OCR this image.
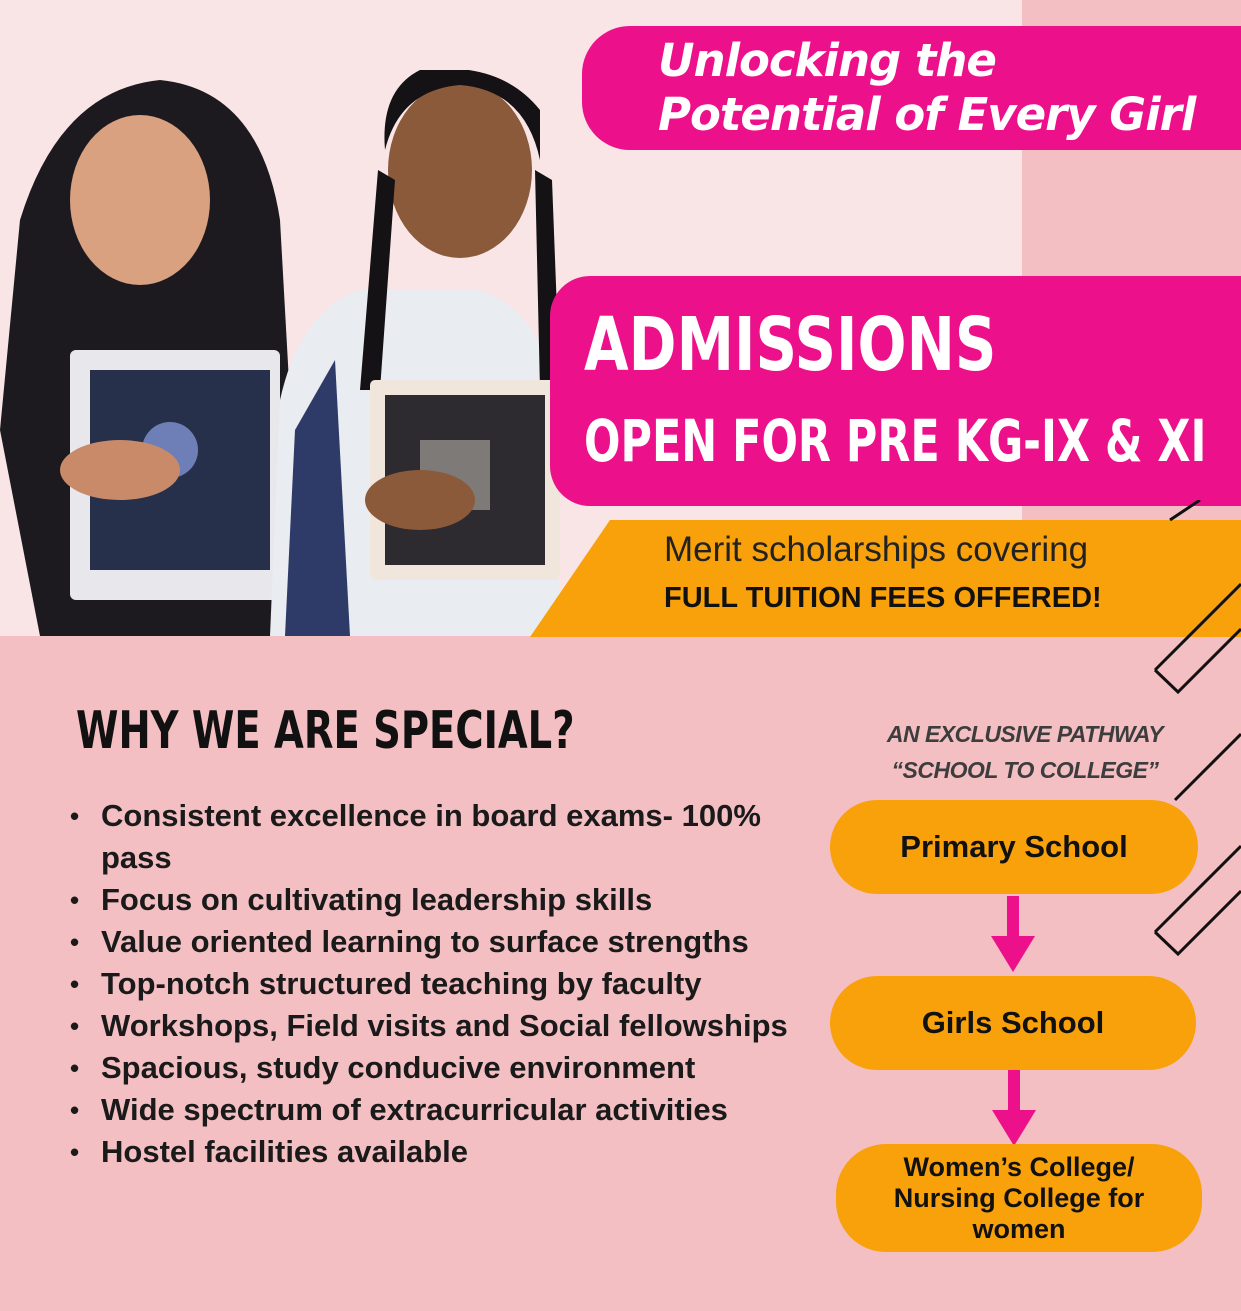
Unlocking the Potential of Every Girl

ADMISSIONS

OPEN FOR PRE KG-IX & XI

Merit scholarships covering

FULL TUITION FEES OFFERED!

WHY WE ARE SPECIAL?

• Consistent excellence in board exams- 100% pass
• Focus on cultivating leadership skills
• Value oriented learning to surface strengths
• Top-notch structured teaching by faculty
• Workshops, Field visits and Social fellowships
• Spacious, study conducive environment
• Wide spectrum of extracurricular activities
• Hostel facilities available

AN EXCLUSIVE PATHWAY
“SCHOOL TO COLLEGE”

Primary School
Girls School
Women’s College/ Nursing College for women
